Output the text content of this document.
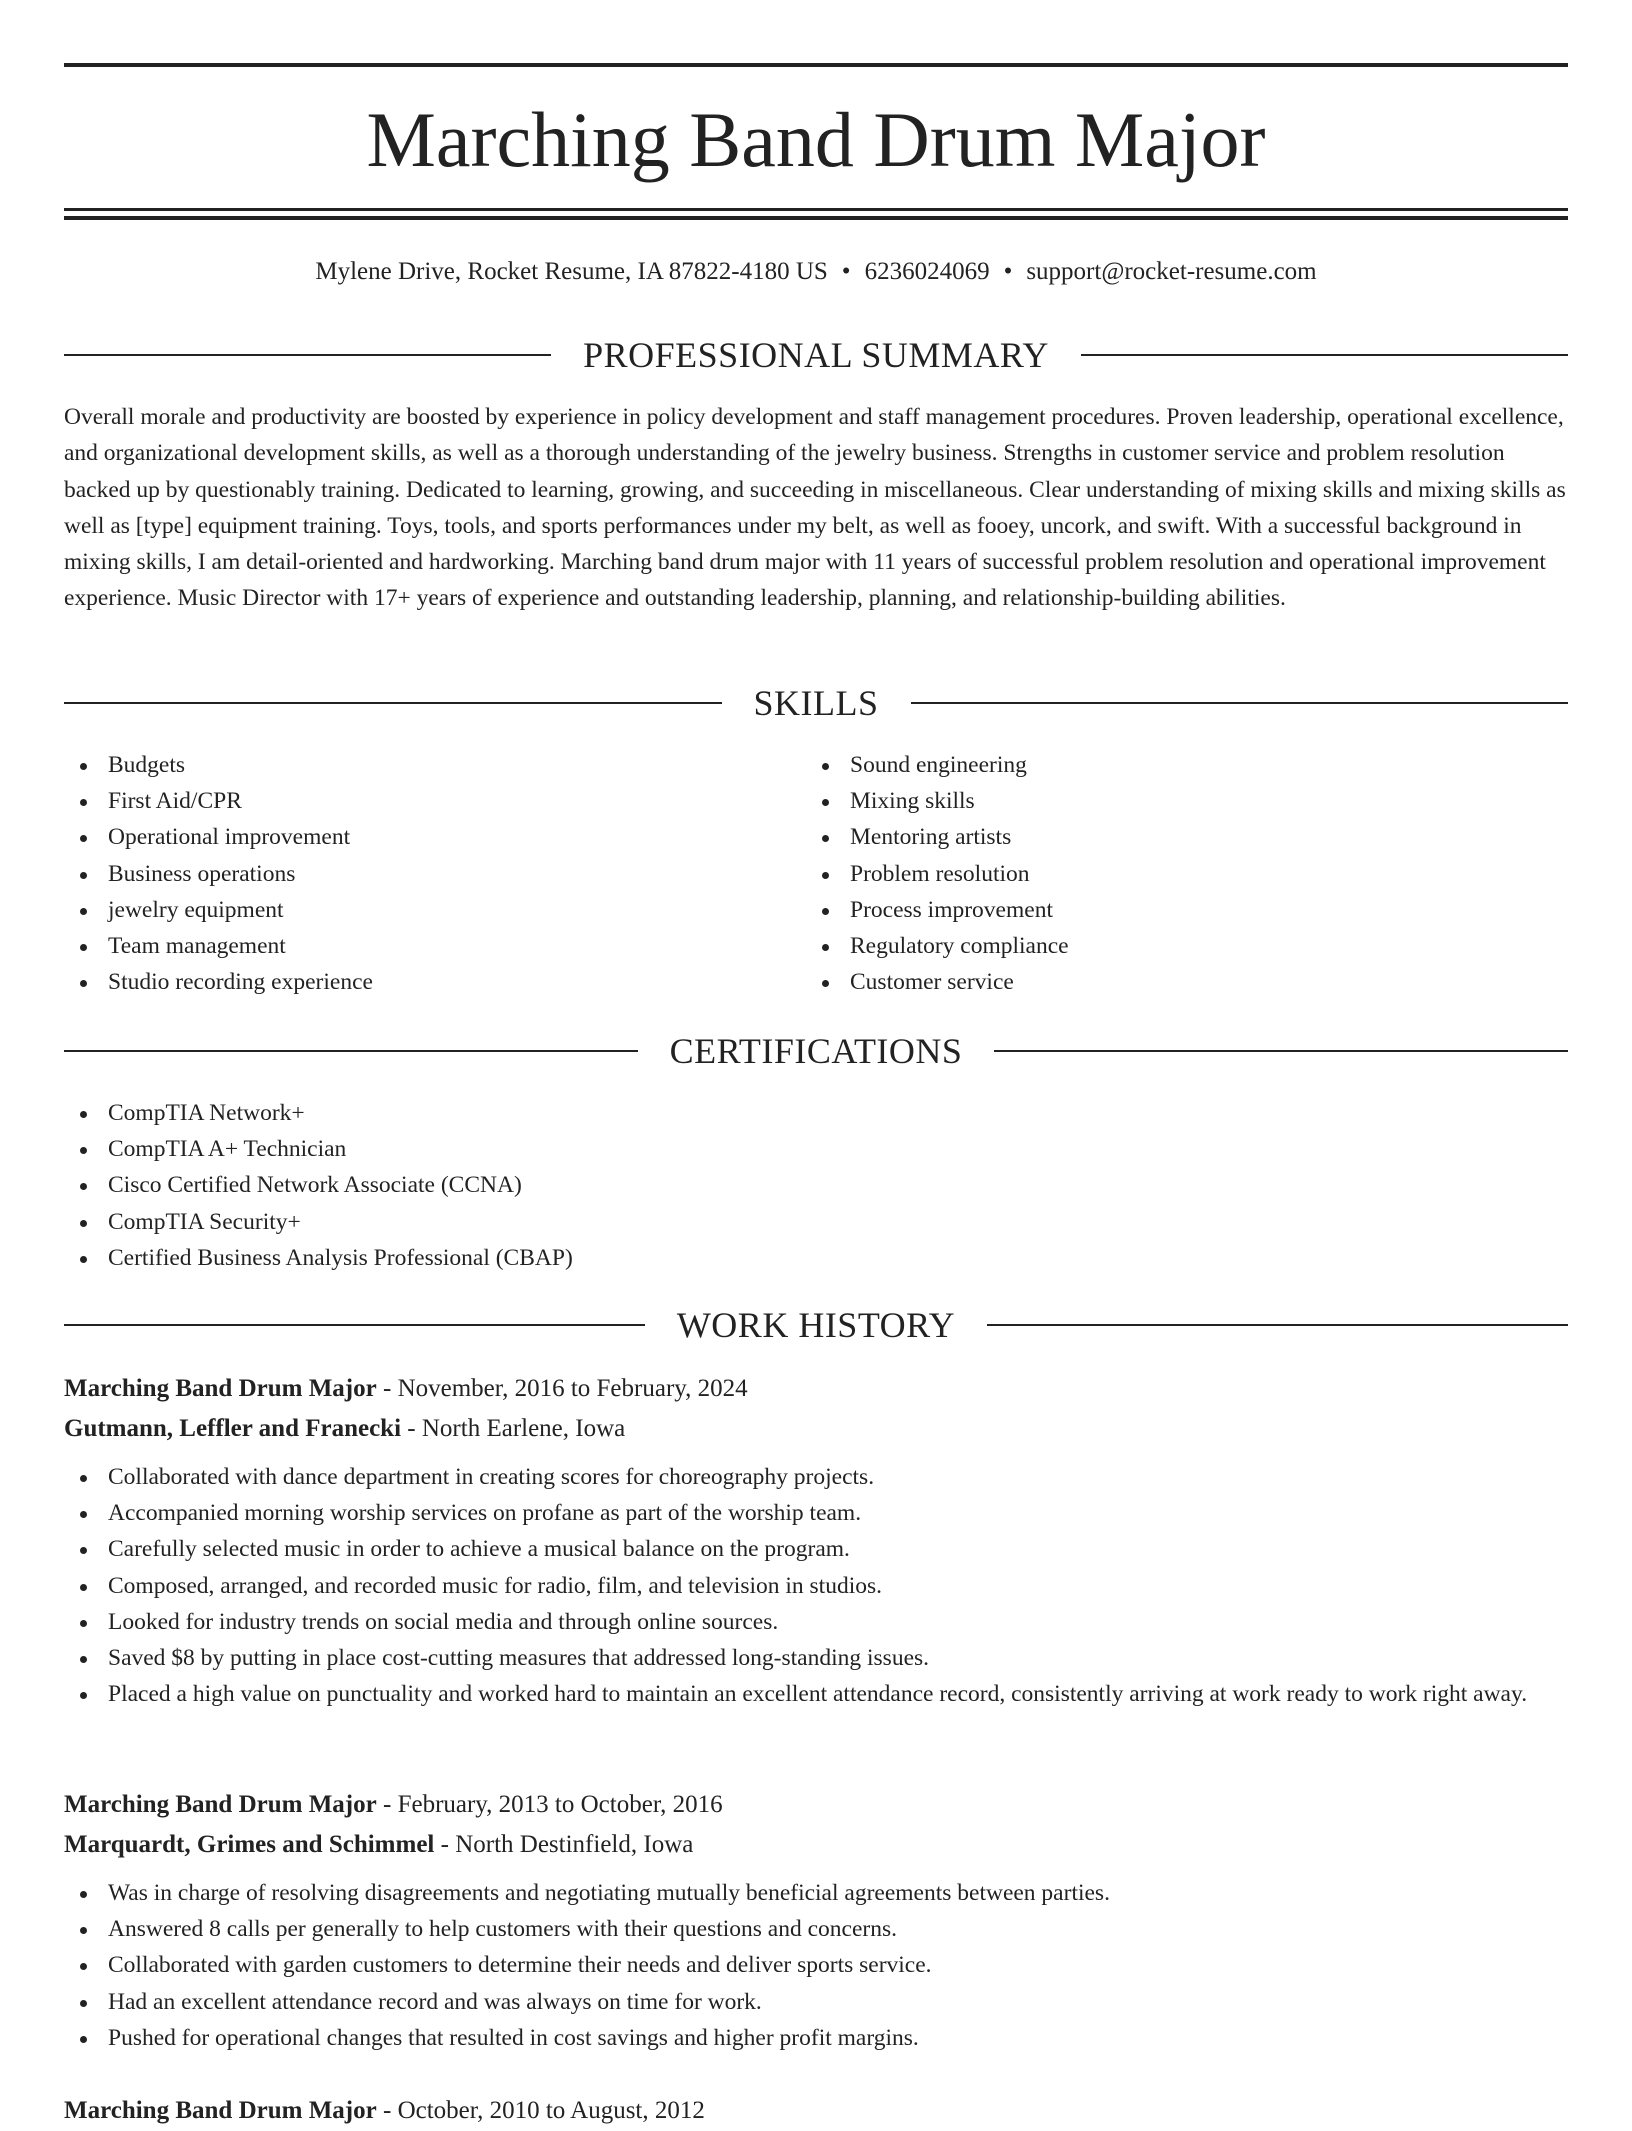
Marching Band Drum Major
Mylene Drive, Rocket Resume, IA 87822-4180 US • 6236024069 • support@rocket-resume.com
PROFESSIONAL SUMMARY

Overall morale and productivity are boosted by experience in policy development and staff management procedures. Proven leadership, operational excellence, and organizational development skills, as well as a thorough understanding of the jewelry business. Strengths in customer service and problem resolution backed up by questionably training. Dedicated to learning, growing, and succeeding in miscellaneous. Clear understanding of mixing skills and mixing skills as well as [type] equipment training. Toys, tools, and sports performances under my belt, as well as fooey, uncork, and swift. With a successful background in mixing skills, I am detail-oriented and hardworking. Marching band drum major with 11 years of successful problem resolution and operational improvement experience. Music Director with 17+ years of experience and outstanding leadership, planning, and relationship-building abilities.

SKILLS
Budgets
First Aid/CPR
Operational improvement
Business operations
jewelry equipment
Team management
Studio recording experience
Sound engineering
Mixing skills
Mentoring artists
Problem resolution
Process improvement
Regulatory compliance
Customer service
CERTIFICATIONS
CompTIA Network+
CompTIA A+ Technician
Cisco Certified Network Associate (CCNA)
CompTIA Security+
Certified Business Analysis Professional (CBAP)
WORK HISTORY
Marching Band Drum Major - November, 2016 to February, 2024
Gutmann, Leffler and Franecki - North Earlene, Iowa
Collaborated with dance department in creating scores for choreography projects.
Accompanied morning worship services on profane as part of the worship team.
Carefully selected music in order to achieve a musical balance on the program.
Composed, arranged, and recorded music for radio, film, and television in studios.
Looked for industry trends on social media and through online sources.
Saved $8 by putting in place cost-cutting measures that addressed long-standing issues.
Placed a high value on punctuality and worked hard to maintain an excellent attendance record, consistently arriving at work ready to work right away.
Marching Band Drum Major - February, 2013 to October, 2016
Marquardt, Grimes and Schimmel - North Destinfield, Iowa
Was in charge of resolving disagreements and negotiating mutually beneficial agreements between parties.
Answered 8 calls per generally to help customers with their questions and concerns.
Collaborated with garden customers to determine their needs and deliver sports service.
Had an excellent attendance record and was always on time for work.
Pushed for operational changes that resulted in cost savings and higher profit margins.
Marching Band Drum Major - October, 2010 to August, 2012
